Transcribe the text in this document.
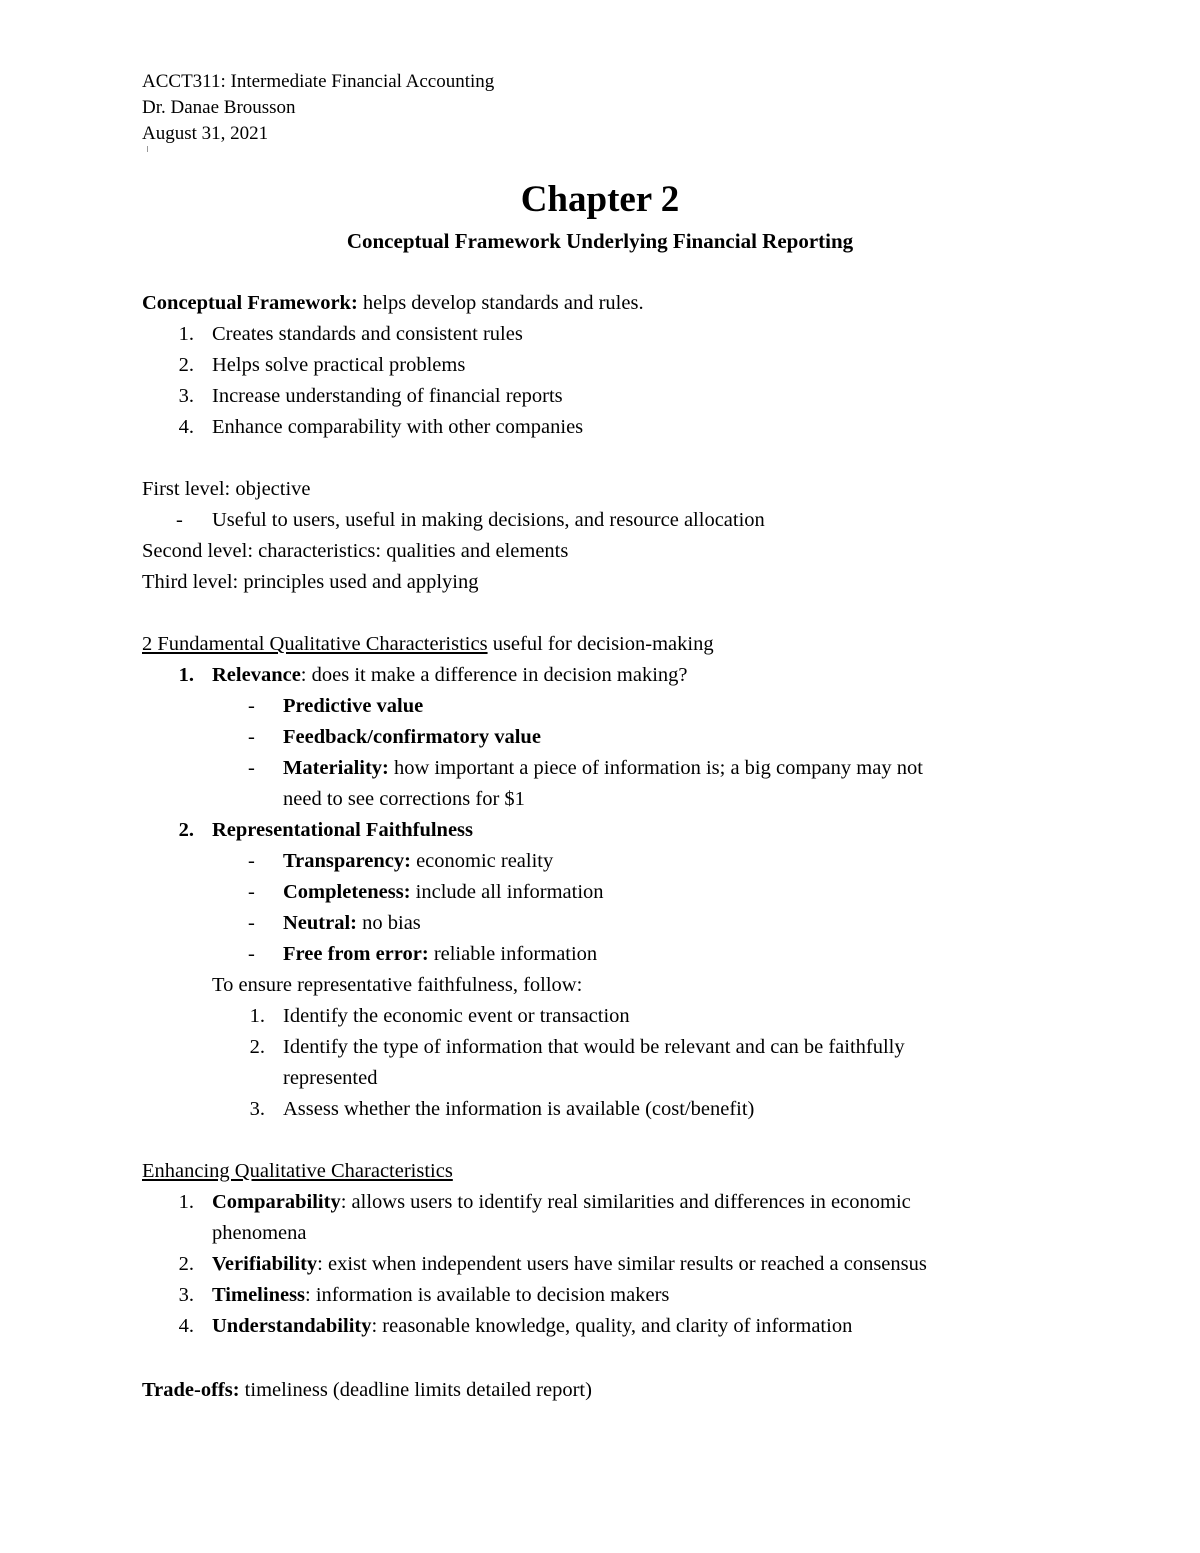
ACCT311: Intermediate Financial Accounting
Dr. Danae Brousson
August 31, 2021
Chapter 2
Conceptual Framework Underlying Financial Reporting
Conceptual Framework: helps develop standards and rules.
1. Creates standards and consistent rules
2. Helps solve practical problems
3. Increase understanding of financial reports
4. Enhance comparability with other companies
First level: objective
- Useful to users, useful in making decisions, and resource allocation
Second level: characteristics: qualities and elements
Third level: principles used and applying
2 Fundamental Qualitative Characteristics useful for decision-making
1. Relevance: does it make a difference in decision making?
- Predictive value
- Feedback/confirmatory value
- Materiality: how important a piece of information is; a big company may not
need to see corrections for $1
2. Representational Faithfulness
- Transparency: economic reality
- Completeness: include all information
- Neutral: no bias
- Free from error: reliable information
To ensure representative faithfulness, follow:
1. Identify the economic event or transaction
2. Identify the type of information that would be relevant and can be faithfully
represented
3. Assess whether the information is available (cost/benefit)
Enhancing Qualitative Characteristics
1. Comparability: allows users to identify real similarities and differences in economic
phenomena
2. Verifiability: exist when independent users have similar results or reached a consensus
3. Timeliness: information is available to decision makers
4. Understandability: reasonable knowledge, quality, and clarity of information
Trade-offs: timeliness (deadline limits detailed report)
